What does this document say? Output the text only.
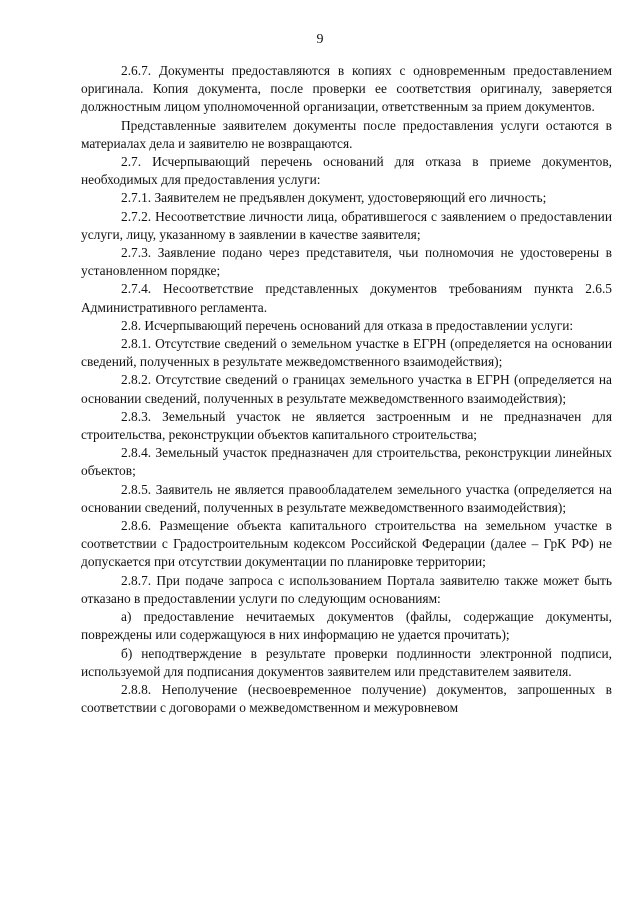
9

2.6.7. Документы предоставляются в копиях с одновременным предоставлением оригинала. Копия документа, после проверки ее соответствия оригиналу, заверяется должностным лицом уполномоченной организации, ответственным за прием документов.

Представленные заявителем документы после предоставления услуги остаются в материалах дела и заявителю не возвращаются.

2.7. Исчерпывающий перечень оснований для отказа в приеме документов, необходимых для предоставления услуги:

2.7.1. Заявителем не предъявлен документ, удостоверяющий его личность;

2.7.2. Несоответствие личности лица, обратившегося с заявлением о предоставлении услуги, лицу, указанному в заявлении в качестве заявителя;

2.7.3. Заявление подано через представителя, чьи полномочия не удостоверены в установленном порядке;

2.7.4. Несоответствие представленных документов требованиям пункта 2.6.5 Административного регламента.

2.8. Исчерпывающий перечень оснований для отказа в предоставлении услуги:

2.8.1. Отсутствие сведений о земельном участке в ЕГРН (определяется на основании сведений, полученных в результате межведомственного взаимодействия);

2.8.2. Отсутствие сведений о границах земельного участка в ЕГРН (определяется на основании сведений, полученных в результате межведомственного взаимодействия);

2.8.3. Земельный участок не является застроенным и не предназначен для строительства, реконструкции объектов капитального строительства;

2.8.4. Земельный участок предназначен для строительства, реконструкции линейных объектов;

2.8.5. Заявитель не является правообладателем земельного участка (определяется на основании сведений, полученных в результате межведомственного взаимодействия);

2.8.6. Размещение объекта капитального строительства на земельном участке в соответствии с Градостроительным кодексом Российской Федерации (далее – ГрК РФ) не допускается при отсутствии документации по планировке территории;

2.8.7. При подаче запроса с использованием Портала заявителю также может быть отказано в предоставлении услуги по следующим основаниям:

а) предоставление нечитаемых документов (файлы, содержащие документы, повреждены или содержащуюся в них информацию не удается прочитать);

б) неподтверждение в результате проверки подлинности электронной подписи, используемой для подписания документов заявителем или представителем заявителя.

2.8.8. Неполучение (несвоевременное получение) документов, запрошенных в соответствии с договорами о межведомственном и межуровневом
